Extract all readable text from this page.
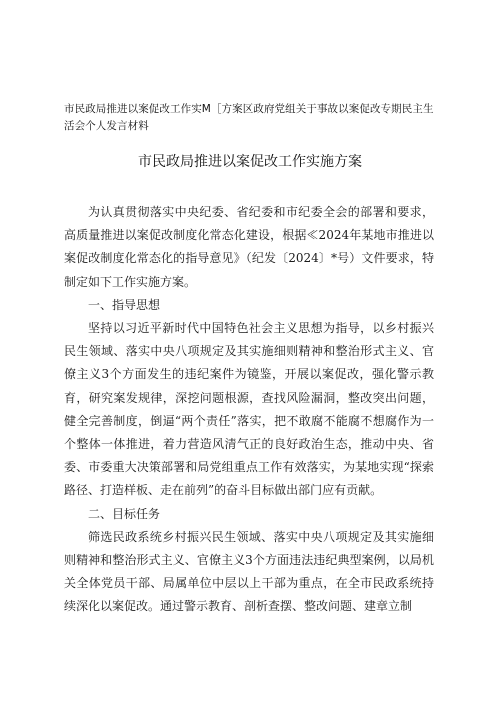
市民政局推进以案促改工作实M［方案区政府党组关于事故以案促改专期民主生活会个人发言材料
市民政局推进以案促改工作实施方案

为认真贯彻落实中央纪委、省纪委和市纪委全会的部署和要求，高质量推进以案促改制度化常态化建设，根据≪2024年某地市推进以案促改制度化常态化的指导意见》（纪发〔2024〕*号）文件要求，特制定如下工作实施方案。

一、指导思想

坚持以习近平新时代中国特色社会主义思想为指导，以乡村振兴民生领域、落实中央八项规定及其实施细则精神和整治形式主义、官僚主义3个方面发生的违纪案件为镜鉴，开展以案促改，强化警示教育，研究案发规律，深挖问题根源，查找风险漏洞，整改突出问题，健全完善制度，倒逼“两个责任”落实，把不敢腐不能腐不想腐作为一个整体一体推进，着力营造风清气正的良好政治生态，推动中央、省委、市委重大决策部署和局党组重点工作有效落实，为某地实现“探索路径、打造样板、走在前列”的奋斗目标做出部门应有贡献。

二、目标任务

筛选民政系统乡村振兴民生领域、落实中央八项规定及其实施细则精神和整治形式主义、官僚主义3个方面违法违纪典型案例，以局机关全体党员干部、局属单位中层以上干部为重点，在全市民政系统持续深化以案促改。通过警示教育、剖析查摆、整改问题、建章立制
